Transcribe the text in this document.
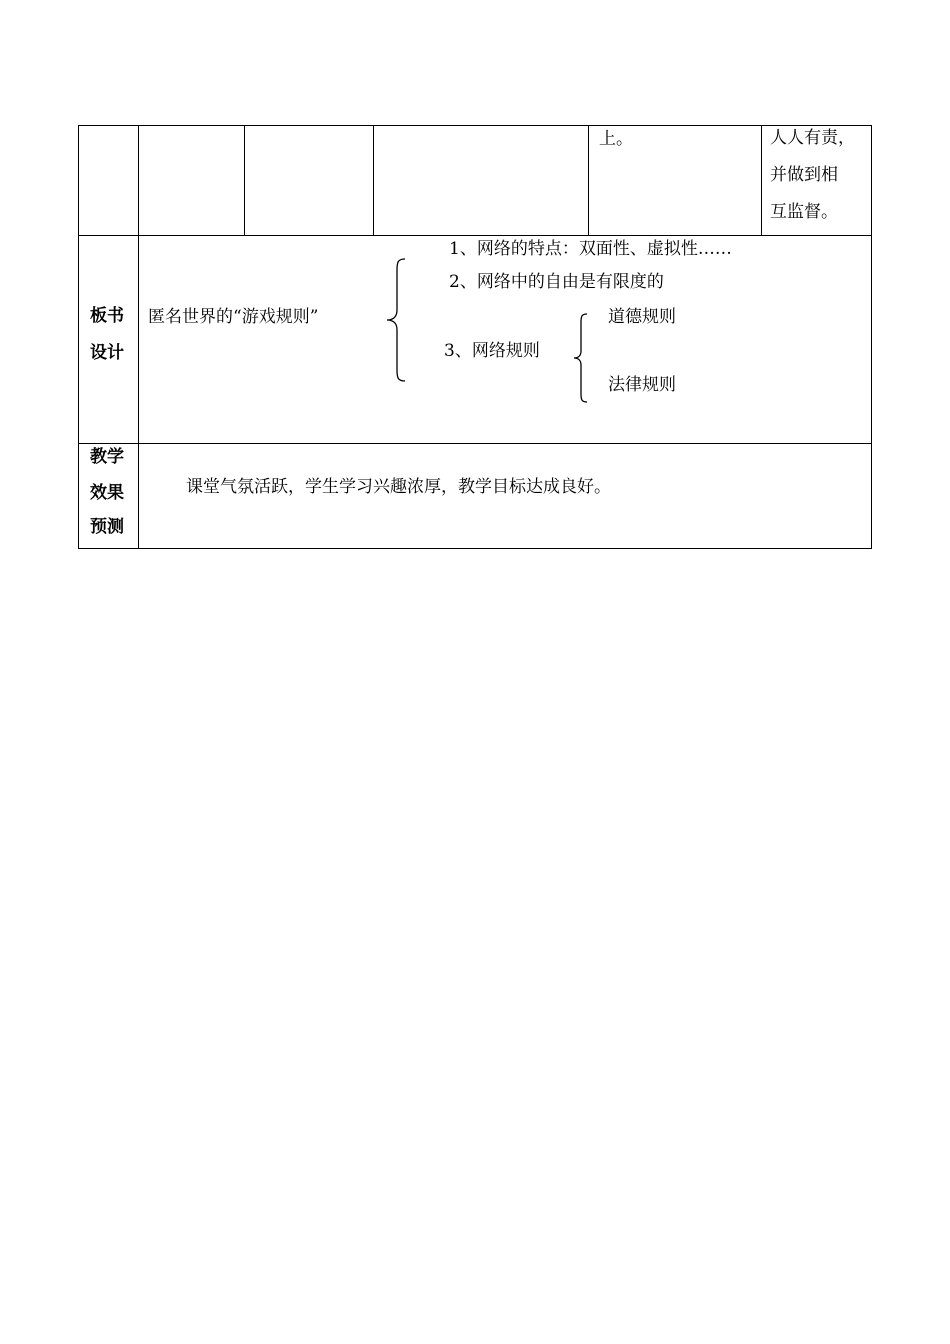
上。	人人有责，
并做到相
互监督。
板书
设计
匿名世界的“游戏规则”
1、网络的特点：双面性、虚拟性……
2、网络中的自由是有限度的
3、网络规则
道德规则
法律规则
教学
效果
预测
课堂气氛活跃，学生学习兴趣浓厚，教学目标达成良好。
